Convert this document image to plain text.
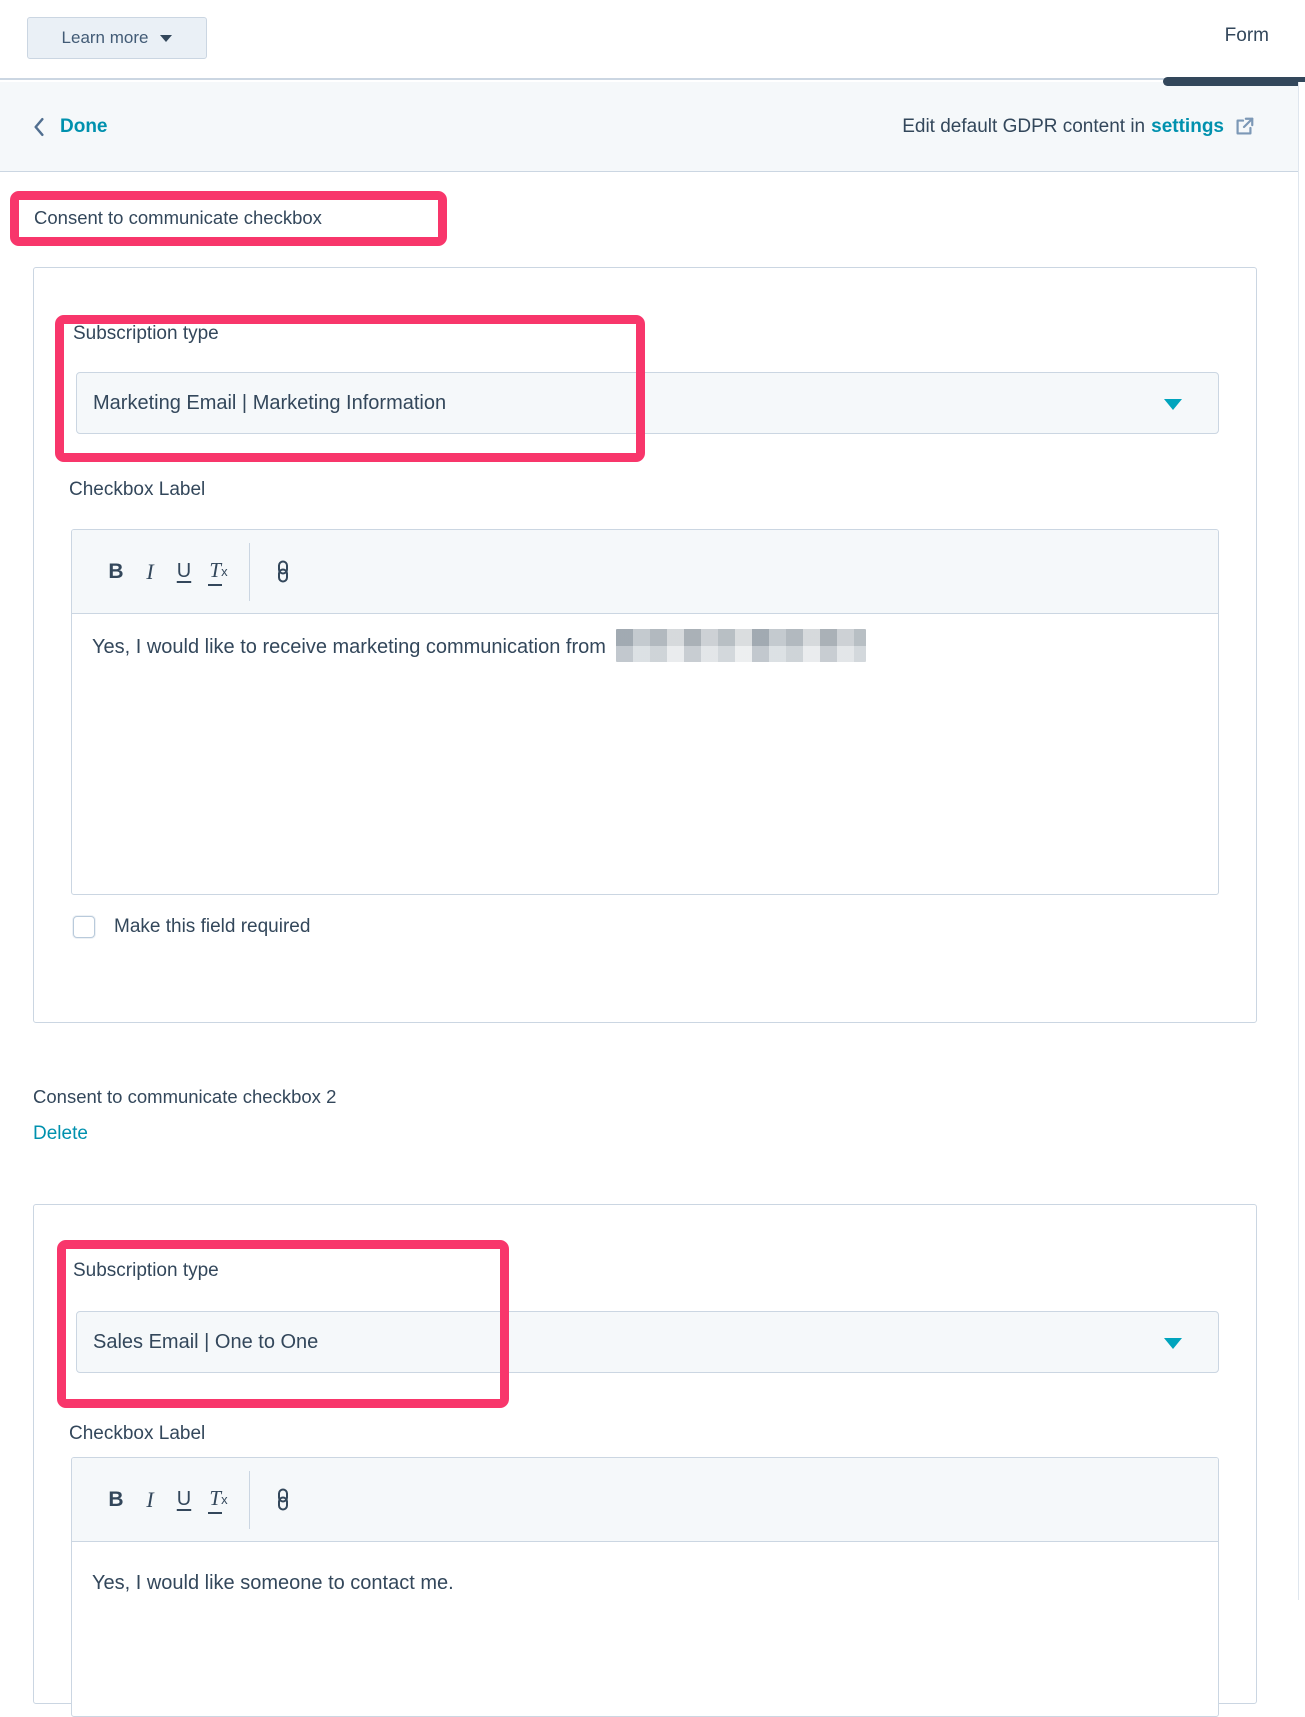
Learn more	Form
Done	Edit default GDPR content in settings
Consent to communicate checkbox
Subscription type
Marketing Email | Marketing Information
Checkbox Label
B I U T x
Yes, I would like to receive marketing communication from
Make this field required
Consent to communicate checkbox 2
Delete
Subscription type
Sales Email | One to One
Checkbox Label
B I U T x
Yes, I would like someone to contact me.
